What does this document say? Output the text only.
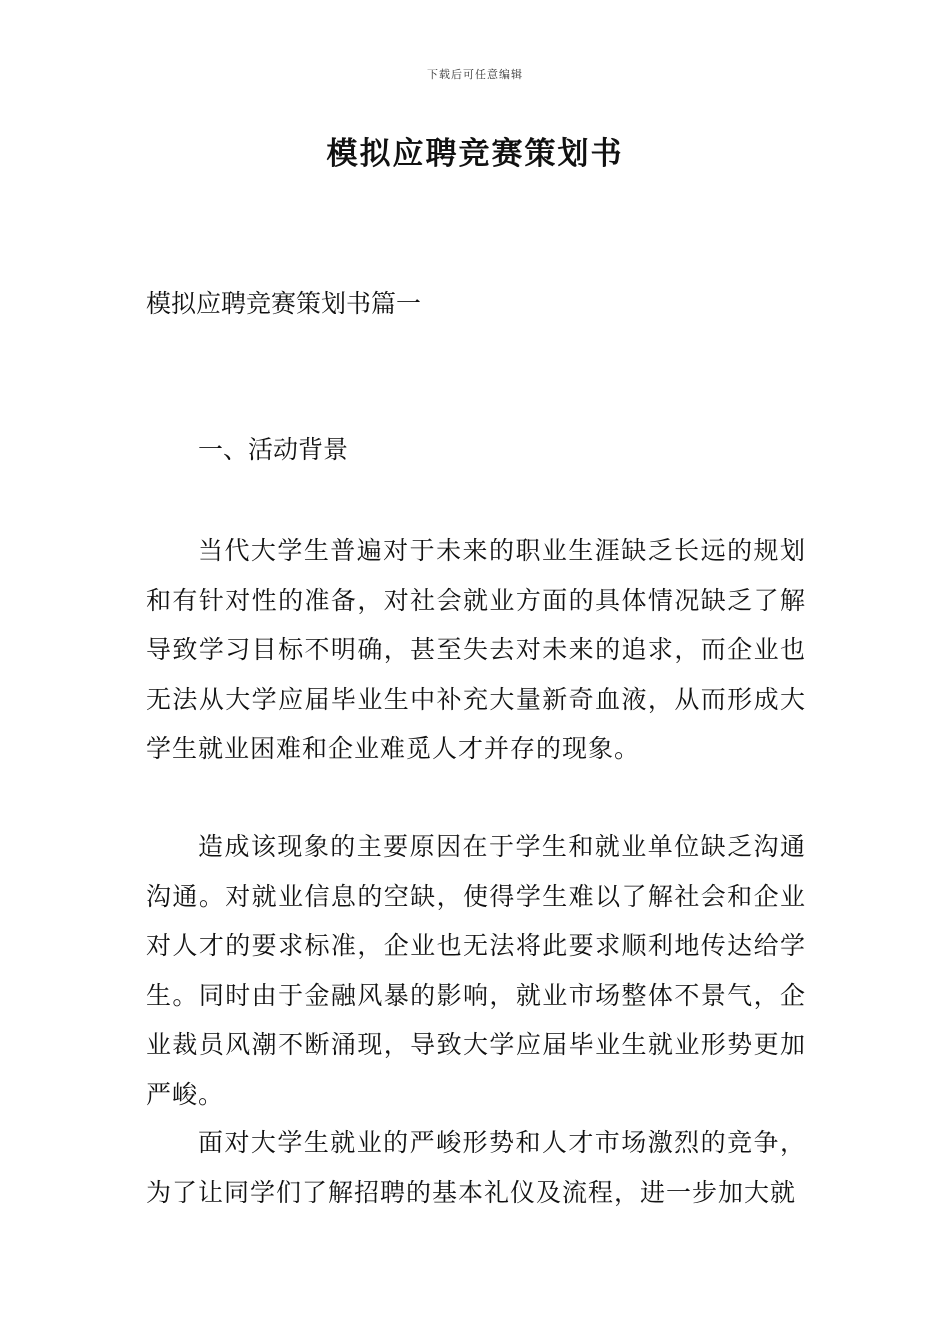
下载后可任意编辑
模拟应聘竞赛策划书
模拟应聘竞赛策划书篇一
一、活动背景

当代大学生普遍对于未来的职业生涯缺乏长远的规划和有针对性的准备，对社会就业方面的具体情况缺乏了解导致学习目标不明确，甚至失去对未来的追求，而企业也无法从大学应届毕业生中补充大量新奇血液，从而形成大学生就业困难和企业难觅人才并存的现象。

造成该现象的主要原因在于学生和就业单位缺乏沟通沟通。对就业信息的空缺，使得学生难以了解社会和企业对人才的要求标准，企业也无法将此要求顺利地传达给学生。同时由于金融风暴的影响，就业市场整体不景气，企业裁员风潮不断涌现，导致大学应届毕业生就业形势更加严峻。

面对大学生就业的严峻形势和人才市场激烈的竞争，为了让同学们了解招聘的基本礼仪及流程，进一步加大就
